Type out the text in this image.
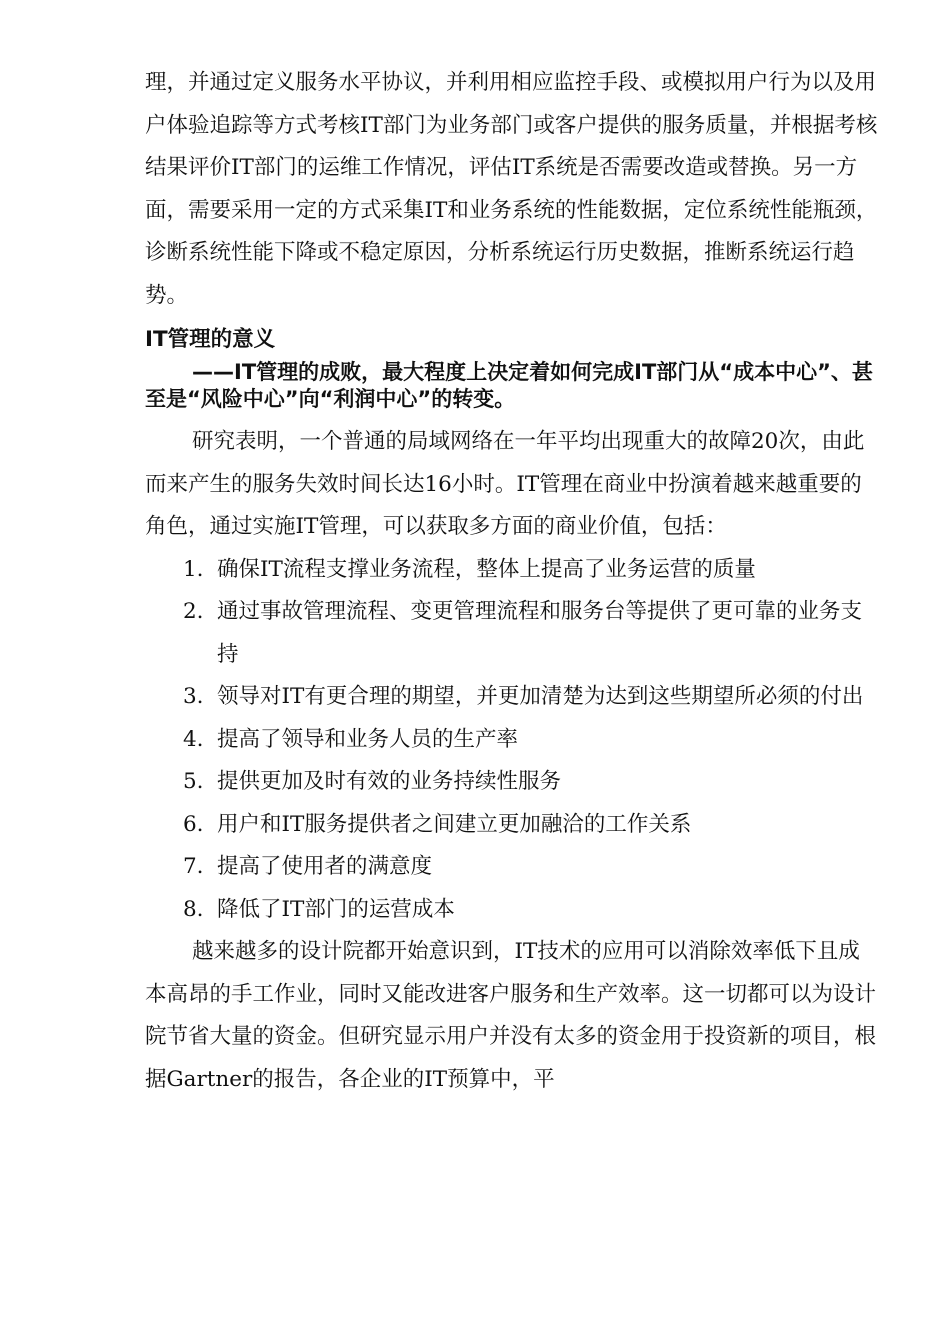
理，并通过定义服务水平协议，并利用相应监控手段、或模拟用户行为以及用户体验追踪等方式考核IT部门为业务部门或客户提供的服务质量，并根据考核结果评价IT部门的运维工作情况，评估IT系统是否需要改造或替换。另一方面，需要采用一定的方式采集IT和业务系统的性能数据，定位系统性能瓶颈，诊断系统性能下降或不稳定原因，分析系统运行历史数据，推断系统运行趋势。

IT管理的意义
——IT管理的成败，最大程度上决定着如何完成IT部门从“成本中心”、甚至是“风险中心”向“利润中心”的转变。

研究表明，一个普通的局域网络在一年平均出现重大的故障20次，由此而来产生的服务失效时间长达16小时。IT管理在商业中扮演着越来越重要的角色，通过实施IT管理，可以获取多方面的商业价值，包括：

1. 确保IT流程支撑业务流程，整体上提高了业务运营的质量
2. 通过事故管理流程、变更管理流程和服务台等提供了更可靠的业务支持
3. 领导对IT有更合理的期望，并更加清楚为达到这些期望所必须的付出
4. 提高了领导和业务人员的生产率
5. 提供更加及时有效的业务持续性服务
6. 用户和IT服务提供者之间建立更加融洽的工作关系
7. 提高了使用者的满意度
8. 降低了IT部门的运营成本

越来越多的设计院都开始意识到，IT技术的应用可以消除效率低下且成本高昂的手工作业，同时又能改进客户服务和生产效率。这一切都可以为设计院节省大量的资金。但研究显示用户并没有太多的资金用于投资新的项目，根据Gartner的报告，各企业的IT预算中，平
